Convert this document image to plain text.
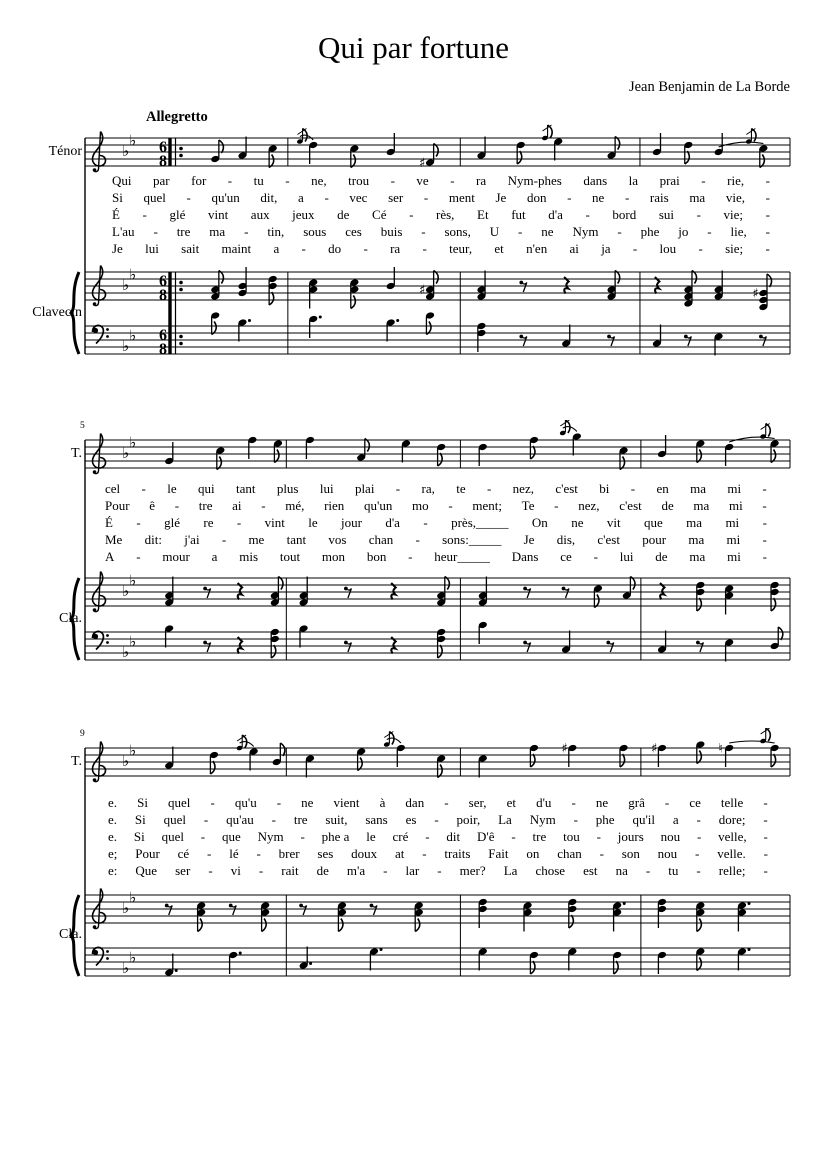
Qui par fortune
Jean Benjamin de La Borde
Allegretto
Ténor
Clavecin
T.
Cla.
T.
Cla.
5
9
♯
♯	♯
♭
♭
♭
♭
♭
♭
6
8
6
8
6
8
♭
♭
♭
♭
♭
♭
♯	♯	♮
♭
♭
♭
♭
♭
♭
Qui par for - tu - ne, trou - ve - ra Nym-phes dans la prai - rie, -
Si quel - qu'un dit, a - vec ser - ment Je don - ne - rais ma vie, -
É - glé vint aux jeux de Cé - rès, Et fut d'a - bord sui - vie; -
L'au - tre ma - tin, sous ces buis - sons, U - ne Nym - phe jo - lie, -
Je lui sait maint a - do - ra - teur, et n'en ai ja - lou - sie; -
cel - le qui tant plus lui plai - ra, te - nez, c'est bi - en ma mi -
Pour ê - tre ai - mé, rien qu'un mo - ment; Te - nez, c'est de ma mi -
É - glé re - vint le jour d'a - près,_____ On ne vit que ma mi -
Me dit: j'ai - me tant vos chan - sons:_____ Je dis, c'est pour ma mi -
A - mour a mis tout mon bon - heur_____ Dans ce - lui de ma mi -
e. Si quel - qu'u - ne vient à dan - ser, et d'u - ne grâ - ce telle -
e. Si quel - qu'au - tre suit, sans es - poir, La Nym - phe qu'il a - dore; -
e. Si quel - que Nym - phe a le cré - dit D'ê - tre tou - jours nou - velle, -
e; Pour cé - lé - brer ses doux at - traits Fait on chan - son nou - velle. -
e: Que ser - vi - rait de m'a - lar - mer? La chose est na - tu - relle; -
